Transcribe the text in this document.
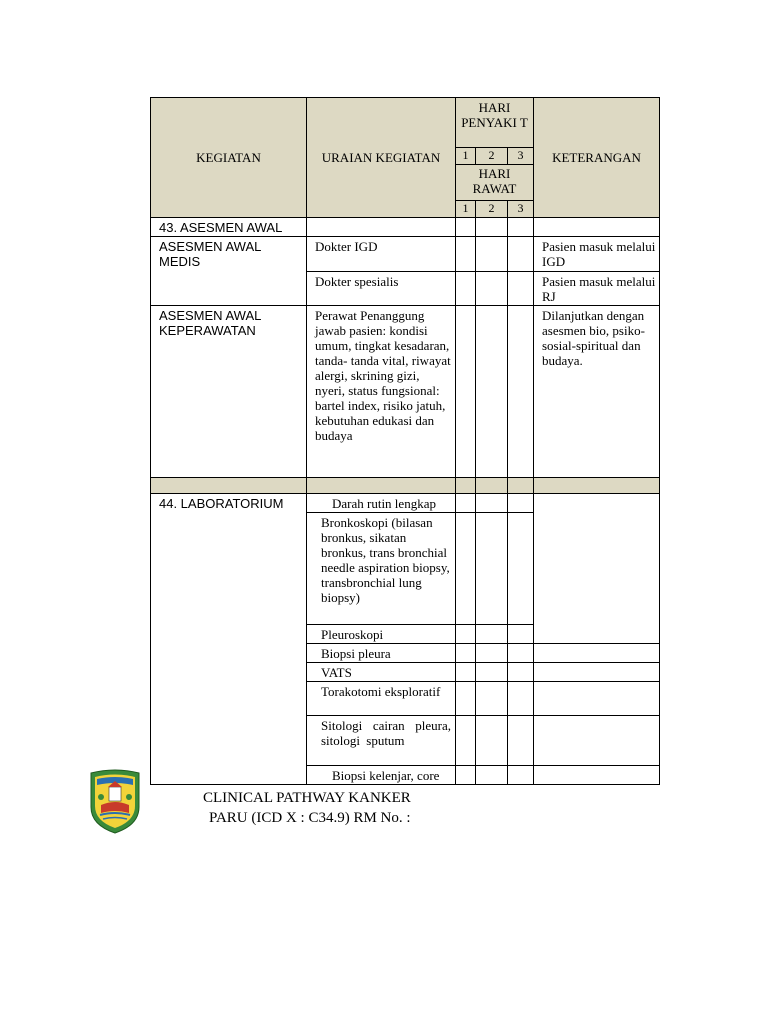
KEGIATAN	URAIAN KEGIATAN	HARI PENYAKI T			KETERANGAN
		1	2	3	
		HARI RAWAT			
		1	2	3	
43. ASESMEN AWAL					
ASESMEN AWAL MEDIS	Dokter IGD				Pasien masuk melalui IGD
	Dokter spesialis				Pasien masuk melalui RJ
ASESMEN AWAL KEPERAWATAN	Perawat Penanggung jawab pasien: kondisi umum, tingkat kesadaran, tanda- tanda vital, riwayat alergi, skrining gizi, nyeri, status fungsional: bartel index, risiko jatuh, kebutuhan edukasi dan budaya				Dilanjutkan dengan asesmen bio, psiko-sosial-spiritual dan budaya.

44. LABORATORIUM	Darah rutin lengkap				
	Bronkoskopi (bilasan bronkus, sikatan bronkus, trans bronchial needle aspiration biopsy, transbronchial lung biopsy)				
	Pleuroskopi				
	Biopsi pleura				
	VATS				
	Torakotomi eksploratif				
	Sitologi cairan pleura, sitologi sputum				
	Biopsi kelenjar, core				
CLINICAL PATHWAY KANKER
PARU (ICD X : C34.9) RM No. :
